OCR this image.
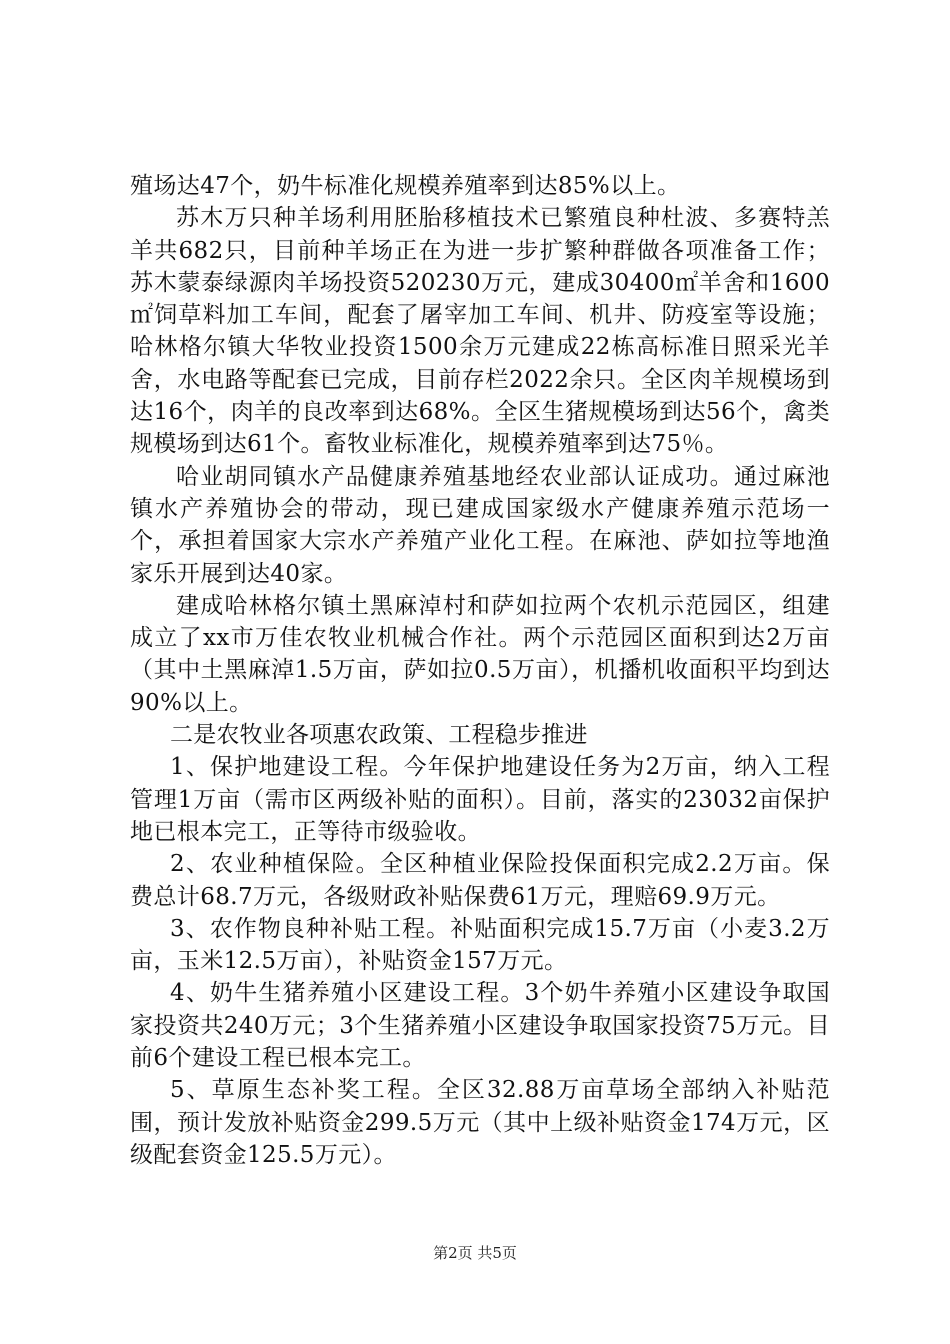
殖场达47个，奶牛标准化规模养殖率到达85%以上。

苏木万只种羊场利用胚胎移植技术已繁殖良种杜波、多赛特羔羊共682只，目前种羊场正在为进一步扩繁种群做各项准备工作；苏木蒙泰绿源肉羊场投资520230万元，建成30400㎡羊舍和1600㎡饲草料加工车间，配套了屠宰加工车间、机井、防疫室等设施；哈林格尔镇大华牧业投资1500余万元建成22栋高标准日照采光羊舍，水电路等配套已完成，目前存栏2022余只。全区肉羊规模场到达16个，肉羊的良改率到达68%。全区生猪规模场到达56个，禽类规模场到达61个。畜牧业标准化，规模养殖率到达75％。

哈业胡同镇水产品健康养殖基地经农业部认证成功。通过麻池镇水产养殖协会的带动，现已建成国家级水产健康养殖示范场一个，承担着国家大宗水产养殖产业化工程。在麻池、萨如拉等地渔家乐开展到达40家。

建成哈林格尔镇土黑麻淖村和萨如拉两个农机示范园区，组建成立了xx市万佳农牧业机械合作社。两个示范园区面积到达2万亩（其中土黑麻淖1.5万亩，萨如拉0.5万亩），机播机收面积平均到达90%以上。

二是农牧业各项惠农政策、工程稳步推进

1、保护地建设工程。今年保护地建设任务为2万亩，纳入工程管理1万亩（需市区两级补贴的面积）。目前，落实的23032亩保护地已根本完工，正等待市级验收。

2、农业种植保险。全区种植业保险投保面积完成2.2万亩。保费总计68.7万元，各级财政补贴保费61万元，理赔69.9万元。

3、农作物良种补贴工程。补贴面积完成15.7万亩（小麦3.2万亩，玉米12.5万亩），补贴资金157万元。

4、奶牛生猪养殖小区建设工程。3个奶牛养殖小区建设争取国家投资共240万元；3个生猪养殖小区建设争取国家投资75万元。目前6个建设工程已根本完工。

5、草原生态补奖工程。全区32.88万亩草场全部纳入补贴范围，预计发放补贴资金299.5万元（其中上级补贴资金174万元，区级配套资金125.5万元）。

第2页 共5页
